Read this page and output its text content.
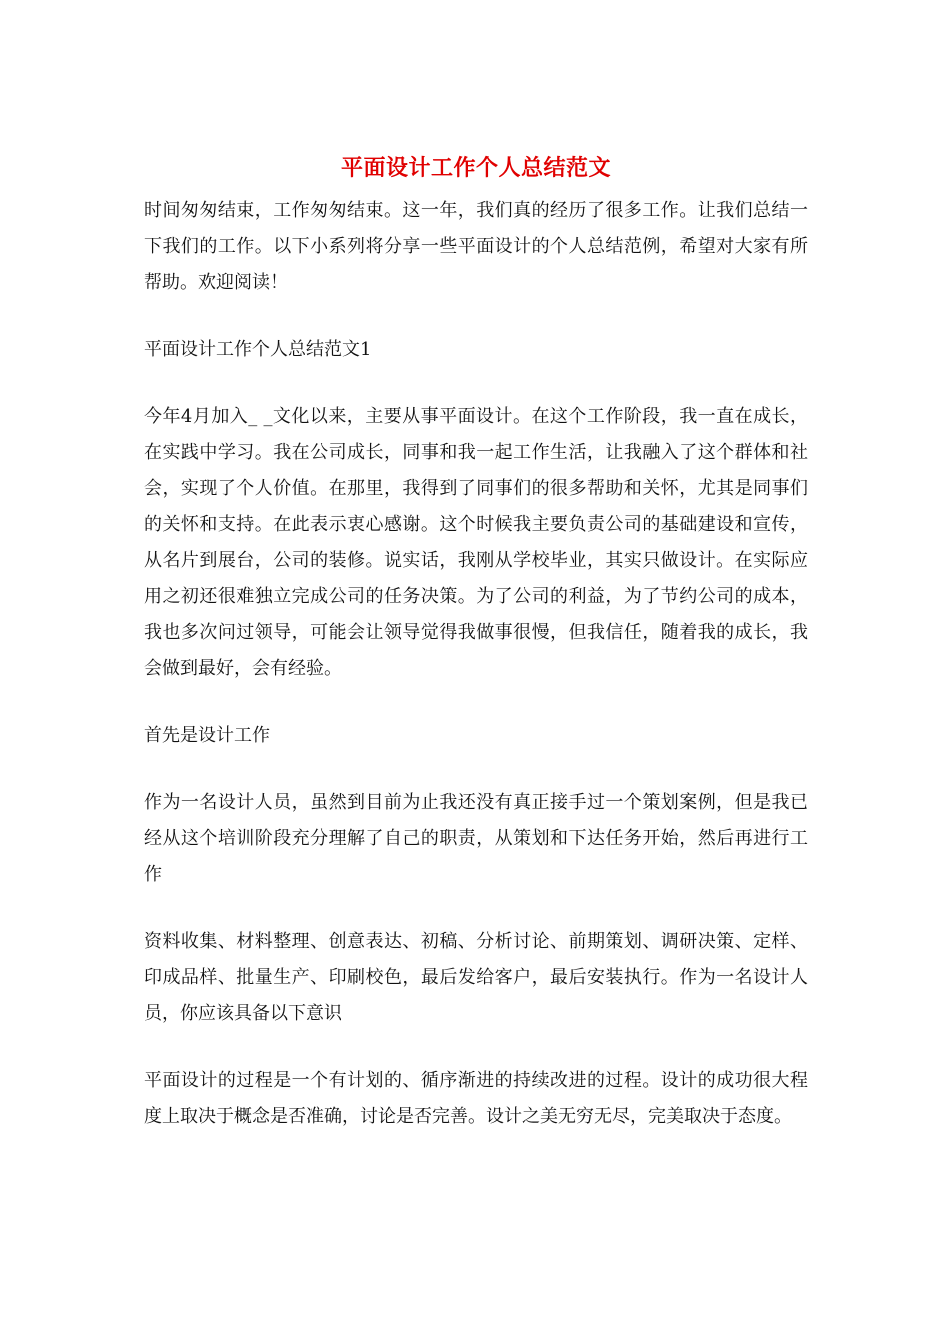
平面设计工作个人总结范文

时间匆匆结束，工作匆匆结束。这一年，我们真的经历了很多工作。让我们总结一下我们的工作。以下小系列将分享一些平面设计的个人总结范例，希望对大家有所帮助。欢迎阅读！

平面设计工作个人总结范文1

今年4月加入_ _文化以来，主要从事平面设计。在这个工作阶段，我一直在成长，在实践中学习。我在公司成长，同事和我一起工作生活，让我融入了这个群体和社会，实现了个人价值。在那里，我得到了同事们的很多帮助和关怀，尤其是同事们的关怀和支持。在此表示衷心感谢。这个时候我主要负责公司的基础建设和宣传，从名片到展台，公司的装修。说实话，我刚从学校毕业，其实只做设计。在实际应用之初还很难独立完成公司的任务决策。为了公司的利益，为了节约公司的成本，我也多次问过领导，可能会让领导觉得我做事很慢，但我信任，随着我的成长，我会做到最好，会有经验。

首先是设计工作

作为一名设计人员，虽然到目前为止我还没有真正接手过一个策划案例，但是我已经从这个培训阶段充分理解了自己的职责，从策划和下达任务开始，然后再进行工作

资料收集、材料整理、创意表达、初稿、分析讨论、前期策划、调研决策、定样、印成品样、批量生产、印刷校色，最后发给客户，最后安装执行。作为一名设计人员，你应该具备以下意识

平面设计的过程是一个有计划的、循序渐进的持续改进的过程。设计的成功很大程度上取决于概念是否准确，讨论是否完善。设计之美无穷无尽，完美取决于态度。
